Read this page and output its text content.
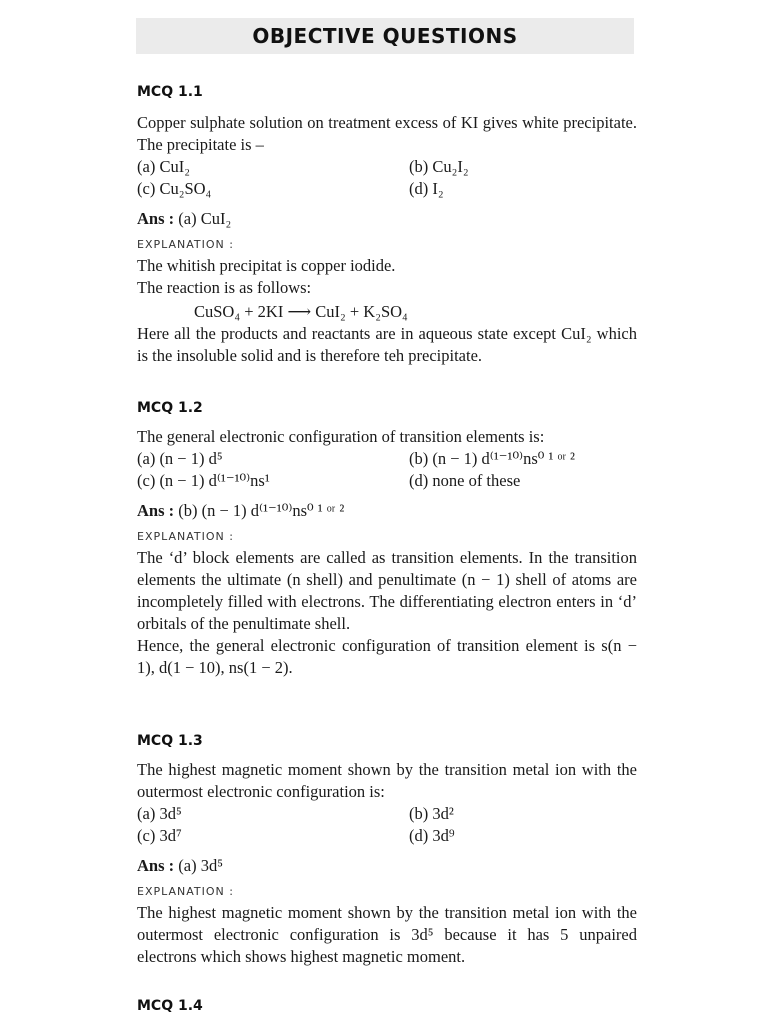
OBJECTIVE QUESTIONS

MCQ 1.1

Copper sulphate solution on treatment excess of KI gives white precipitate. The precipitate is –

(a) CuI₂	(b) Cu₂I₂
(c) Cu₂SO₄	(d) I₂

Ans : (a) CuI₂

EXPLANATION :

The whitish precipitat is copper iodide.

The reaction is as follows:

CuSO₄ + 2KI ⟶ CuI₂ + K₂SO₄

Here all the products and reactants are in aqueous state except CuI₂ which is the insoluble solid and is therefore teh precipitate.

MCQ 1.2

The general electronic configuration of transition elements is:

(a) (n − 1) d⁵	(b) (n − 1) d⁽¹⁻¹⁰⁾ns⁰ ¹ ᵒʳ ²
(c) (n − 1) d⁽¹⁻¹⁰⁾ns¹	(d) none of these

Ans : (b) (n − 1) d⁽¹⁻¹⁰⁾ns⁰ ¹ ᵒʳ ²

EXPLANATION :

The ‘d’ block elements are called as transition elements. In the transition elements the ultimate (n shell) and penultimate (n − 1) shell of atoms are incompletely filled with electrons. The differentiating electron enters in ‘d’ orbitals of the penultimate shell.

Hence, the general electronic configuration of transition element is s(n − 1), d(1 − 10), ns(1 − 2).

MCQ 1.3

The highest magnetic moment shown by the transition metal ion with the outermost electronic configuration is:

(a) 3d⁵	(b) 3d²
(c) 3d⁷	(d) 3d⁹

Ans : (a) 3d⁵

EXPLANATION :

The highest magnetic moment shown by the transition metal ion with the outermost electronic configuration is 3d⁵ because it has 5 unpaired electrons which shows highest magnetic moment.

MCQ 1.4
